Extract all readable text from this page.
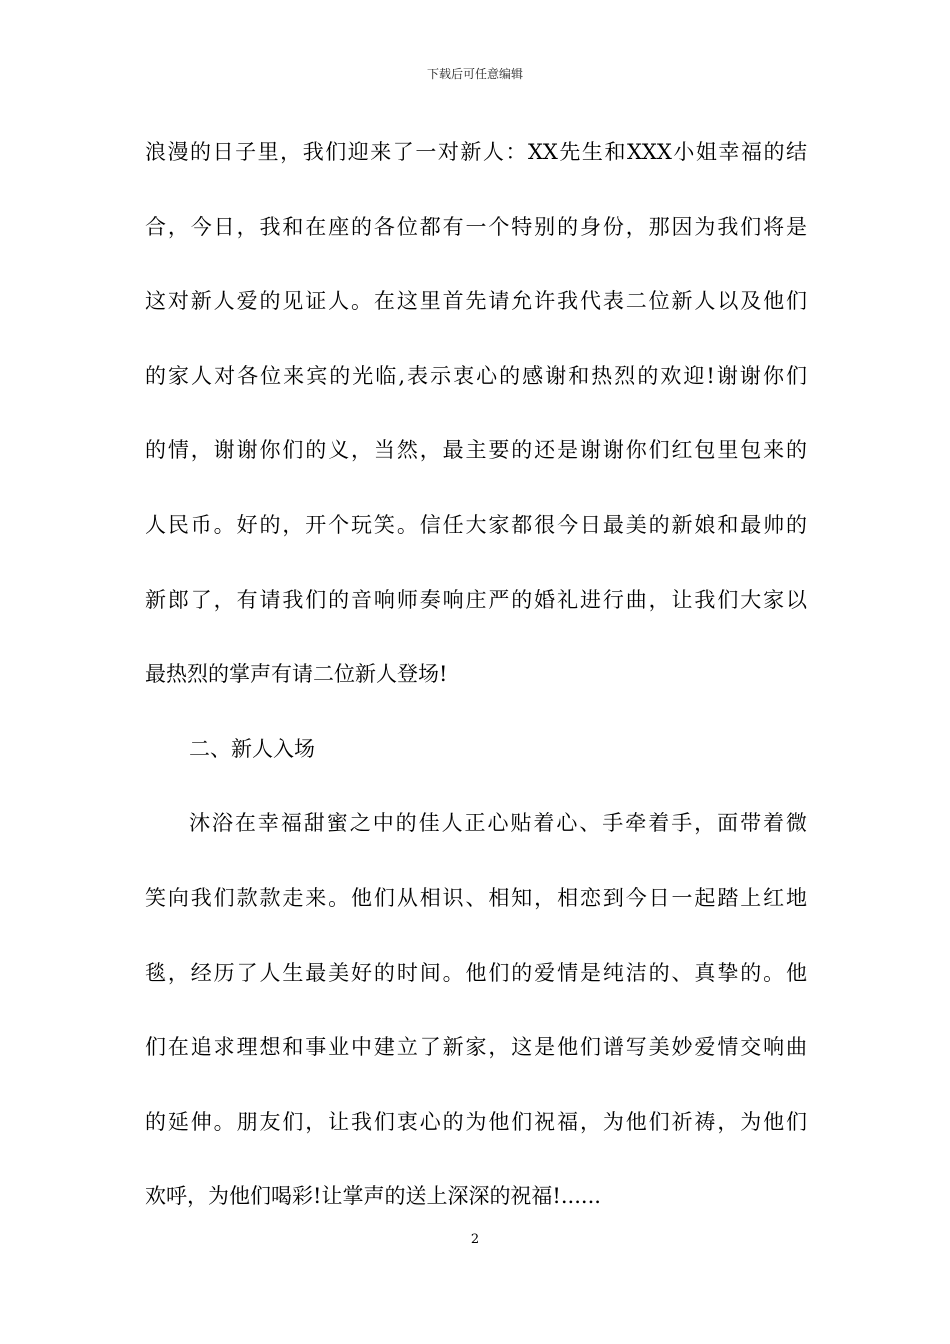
下载后可任意编辑
浪漫的日子里，我们迎来了一对新人：XX先生和XXX小姐幸福的结
合，今日，我和在座的各位都有一个特别的身份，那因为我们将是
这对新人爱的见证人。在这里首先请允许我代表二位新人以及他们
的家人对各位来宾的光临,表示衷心的感谢和热烈的欢迎!谢谢你们
的情，谢谢你们的义，当然，最主要的还是谢谢你们红包里包来的
人民币。好的，开个玩笑。信任大家都很今日最美的新娘和最帅的
新郎了，有请我们的音响师奏响庄严的婚礼进行曲，让我们大家以
最热烈的掌声有请二位新人登场!
二、新人入场
沐浴在幸福甜蜜之中的佳人正心贴着心、手牵着手，面带着微
笑向我们款款走来。他们从相识、相知，相恋到今日一起踏上红地
毯，经历了人生最美好的时间。他们的爱情是纯洁的、真挚的。他
们在追求理想和事业中建立了新家，这是他们谱写美妙爱情交响曲
的延伸。朋友们，让我们衷心的为他们祝福，为他们祈祷，为他们
欢呼，为他们喝彩!让掌声的送上深深的祝福!......
2
